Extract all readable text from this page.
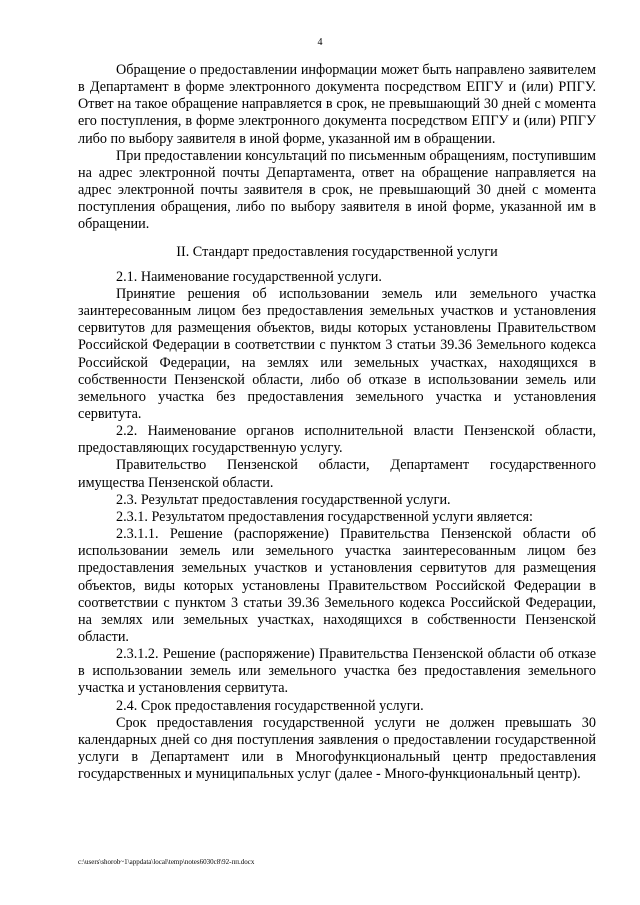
4

Обращение о предоставлении информации может быть направлено заявителем в Департамент в форме электронного документа посредством ЕПГУ и (или) РПГУ. Ответ на такое обращение направляется в срок, не превышающий 30 дней с момента его поступления, в форме электронного документа посредством ЕПГУ и (или) РПГУ либо по выбору заявителя в иной форме, указанной им в обращении.

При предоставлении консультаций по письменным обращениям, поступившим на адрес электронной почты Департамента, ответ на обращение направляется на адрес электронной почты заявителя в срок, не превышающий 30 дней с момента поступления обращения, либо по выбору заявителя в иной форме, указанной им в обращении.

II. Стандарт предоставления государственной услуги

2.1. Наименование государственной услуги.

Принятие решения об использовании земель или земельного участка заинтересованным лицом без предоставления земельных участков и установления сервитутов для размещения объектов, виды которых установлены Правительством Российской Федерации в соответствии с пунктом 3 статьи 39.36 Земельного кодекса Российской Федерации, на землях или земельных участках, находящихся в собственности Пензенской области, либо об отказе в использовании земель или земельного участка без предоставления земельного участка и установления сервитута.

2.2. Наименование органов исполнительной власти Пензенской области, предоставляющих государственную услугу.

Правительство Пензенской области, Департамент государственного имущества Пензенской области.

2.3. Результат предоставления государственной услуги.

2.3.1. Результатом предоставления государственной услуги является:

2.3.1.1. Решение (распоряжение) Правительства Пензенской области об использовании земель или земельного участка заинтересованным лицом без предоставления земельных участков и установления сервитутов для размещения объектов, виды которых установлены Правительством Российской Федерации в соответствии с пунктом 3 статьи 39.36 Земельного кодекса Российской Федерации, на землях или земельных участках, находящихся в собственности Пензенской области.

2.3.1.2. Решение (распоряжение) Правительства Пензенской области об отказе в использовании земель или земельного участка без предоставления земельного участка и установления сервитута.

2.4. Срок предоставления государственной услуги.

Срок предоставления государственной услуги не должен превышать 30 календарных дней со дня поступления заявления о предоставлении государственной услуги в Департамент или в Многофункциональный центр предоставления государственных и муниципальных услуг (далее - Много-функциональный центр).

c:\users\shorob~1\appdata\local\temp\notes6030c8\92-пп.docx
